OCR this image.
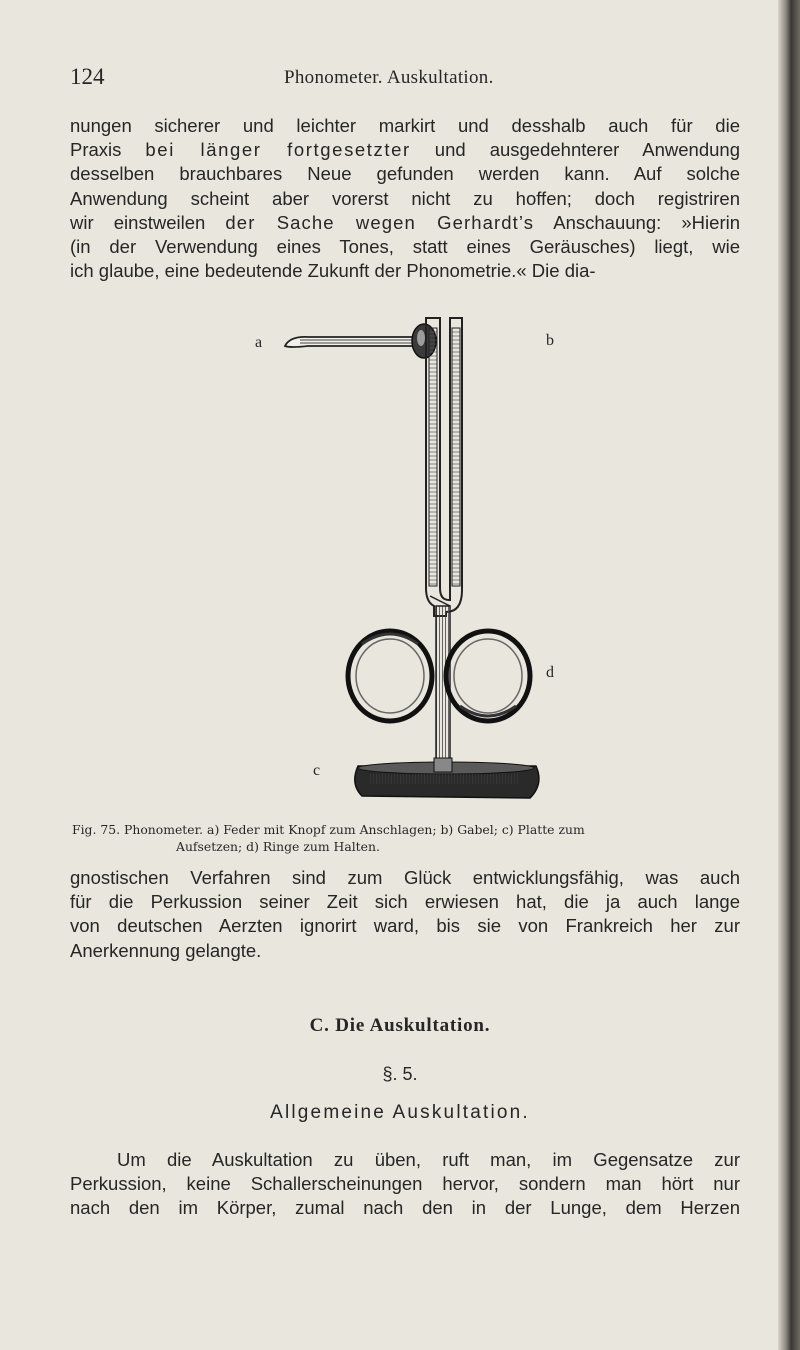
124	Phonometer. Auskultation.
nungen sicherer und leichter markirt und desshalb auch für die
Praxis bei länger fortgesetzter und ausgedehnterer Anwendung
desselben brauchbares Neue gefunden werden kann. Auf solche
Anwendung scheint aber vorerst nicht zu hoffen; doch registriren
wir einstweilen der Sache wegen Gerhardt’s Anschauung: »Hierin
(in der Verwendung eines Tones, statt eines Geräusches) liegt, wie
ich glaube, eine bedeutende Zukunft der Phonometrie.« Die dia-
a	b
d
c
Fig. 75. Phonometer. a) Feder mit Knopf zum Anschlagen; b) Gabel; c) Platte zum
Aufsetzen; d) Ringe zum Halten.
gnostischen Verfahren sind zum Glück entwicklungsfähig, was auch
für die Perkussion seiner Zeit sich erwiesen hat, die ja auch lange
von deutschen Aerzten ignorirt ward, bis sie von Frankreich her zur
Anerkennung gelangte.
C. Die Auskultation.
§. 5.
Allgemeine Auskultation.
Um die Auskultation zu üben, ruft man, im Gegensatze zur
Perkussion, keine Schallerscheinungen hervor, sondern man hört nur
nach den im Körper, zumal nach den in der Lunge, dem Herzen
